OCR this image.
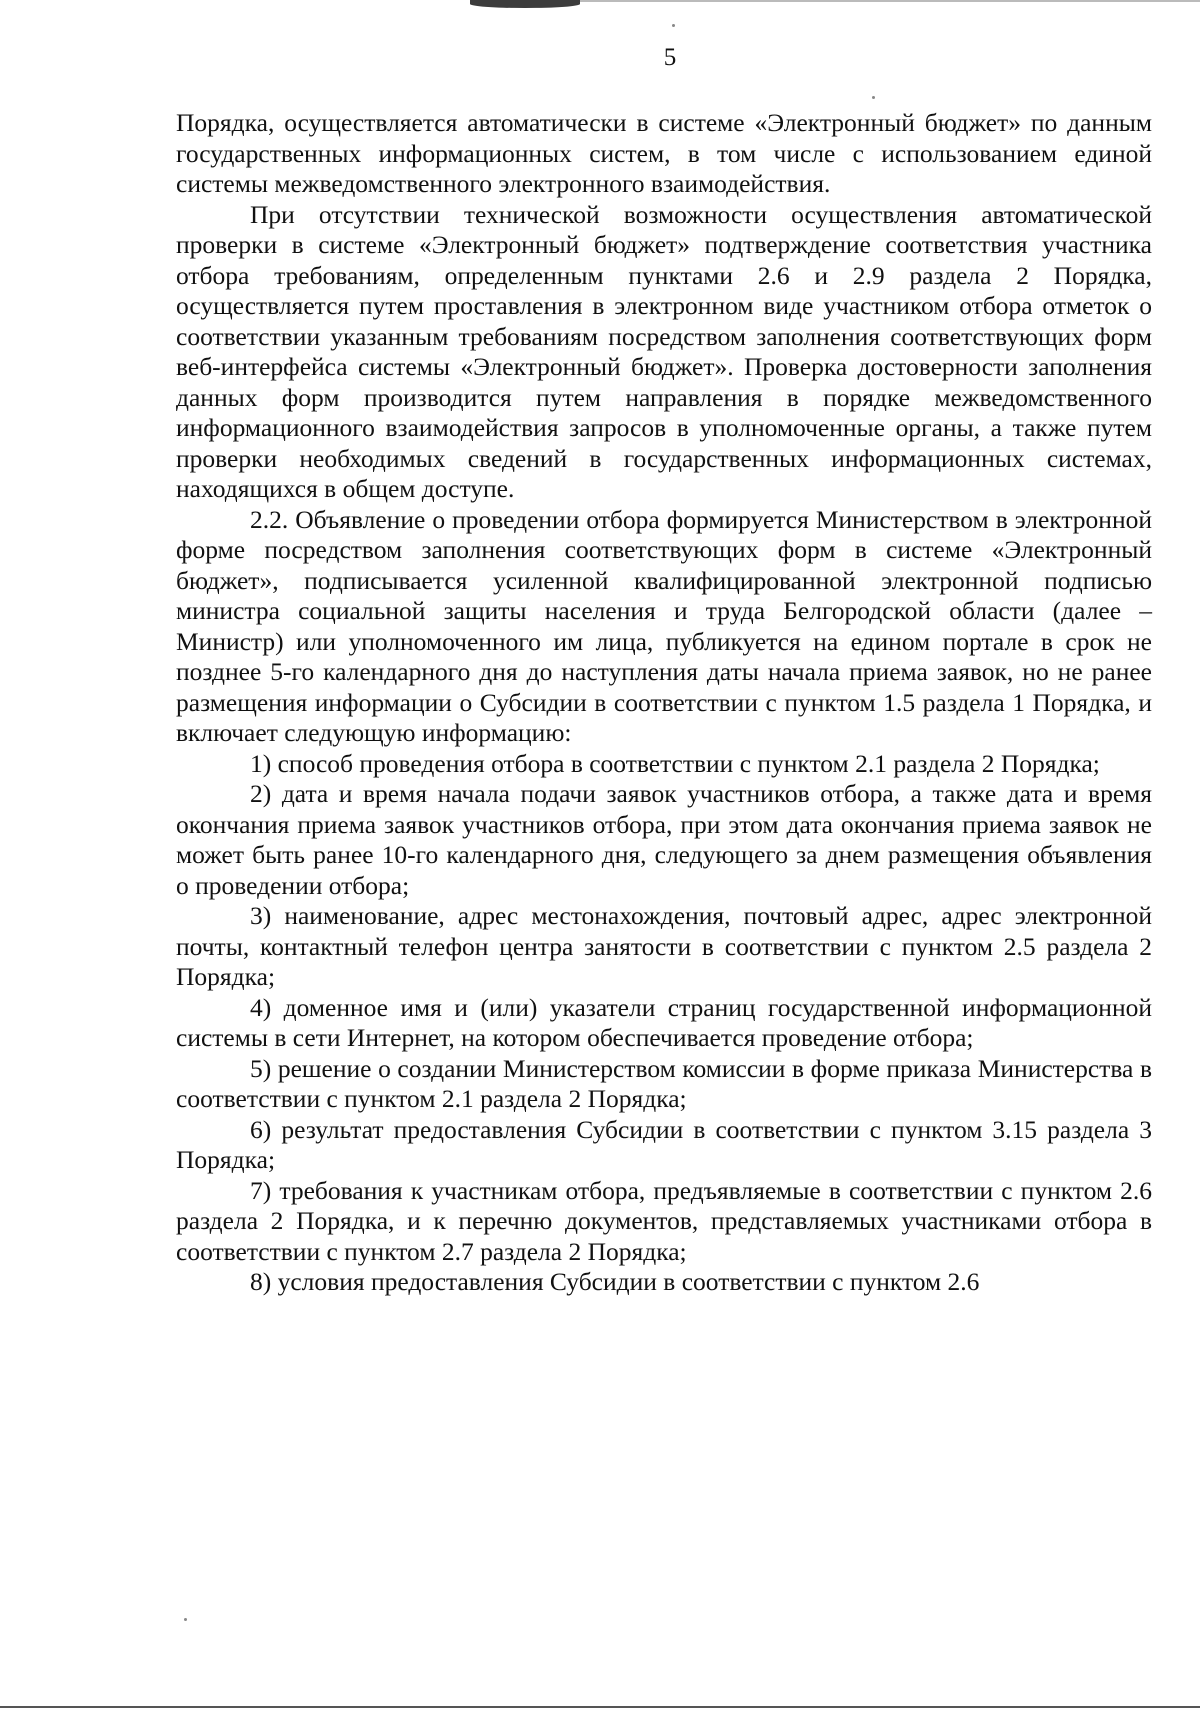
5

Порядка, осуществляется автоматически в системе «Электронный бюджет» по данным государственных информационных систем, в том числе с использованием единой системы межведомственного электронного взаимодействия.

При отсутствии технической возможности осуществления автоматической проверки в системе «Электронный бюджет» подтверждение соответствия участника отбора требованиям, определенным пунктами 2.6 и 2.9 раздела 2 Порядка, осуществляется путем проставления в электронном виде участником отбора отметок о соответствии указанным требованиям посредством заполнения соответствующих форм веб-интерфейса системы «Электронный бюджет». Проверка достоверности заполнения данных форм производится путем направления в порядке межведомственного информационного взаимодействия запросов в уполномоченные органы, а также путем проверки необходимых сведений в государственных информационных системах, находящихся в общем доступе.

2.2. Объявление о проведении отбора формируется Министерством в электронной форме посредством заполнения соответствующих форм в системе «Электронный бюджет», подписывается усиленной квалифицированной электронной подписью министра социальной защиты населения и труда Белгородской области (далее – Министр) или уполномоченного им лица, публикуется на едином портале в срок не позднее 5-го календарного дня до наступления даты начала приема заявок, но не ранее размещения информации о Субсидии в соответствии с пунктом 1.5 раздела 1 Порядка, и включает следующую информацию:

1) способ проведения отбора в соответствии с пунктом 2.1 раздела 2 Порядка;

2) дата и время начала подачи заявок участников отбора, а также дата и время окончания приема заявок участников отбора, при этом дата окончания приема заявок не может быть ранее 10-го календарного дня, следующего за днем размещения объявления о проведении отбора;

3) наименование, адрес местонахождения, почтовый адрес, адрес электронной почты, контактный телефон центра занятости в соответствии с пунктом 2.5 раздела 2 Порядка;

4) доменное имя и (или) указатели страниц государственной информационной системы в сети Интернет, на котором обеспечивается проведение отбора;

5) решение о создании Министерством комиссии в форме приказа Министерства в соответствии с пунктом 2.1 раздела 2 Порядка;

6) результат предоставления Субсидии в соответствии с пунктом 3.15 раздела 3 Порядка;

7) требования к участникам отбора, предъявляемые в соответствии с пунктом 2.6 раздела 2 Порядка, и к перечню документов, представляемых участниками отбора в соответствии с пунктом 2.7 раздела 2 Порядка;

8) условия предоставления Субсидии в соответствии с пунктом 2.6
